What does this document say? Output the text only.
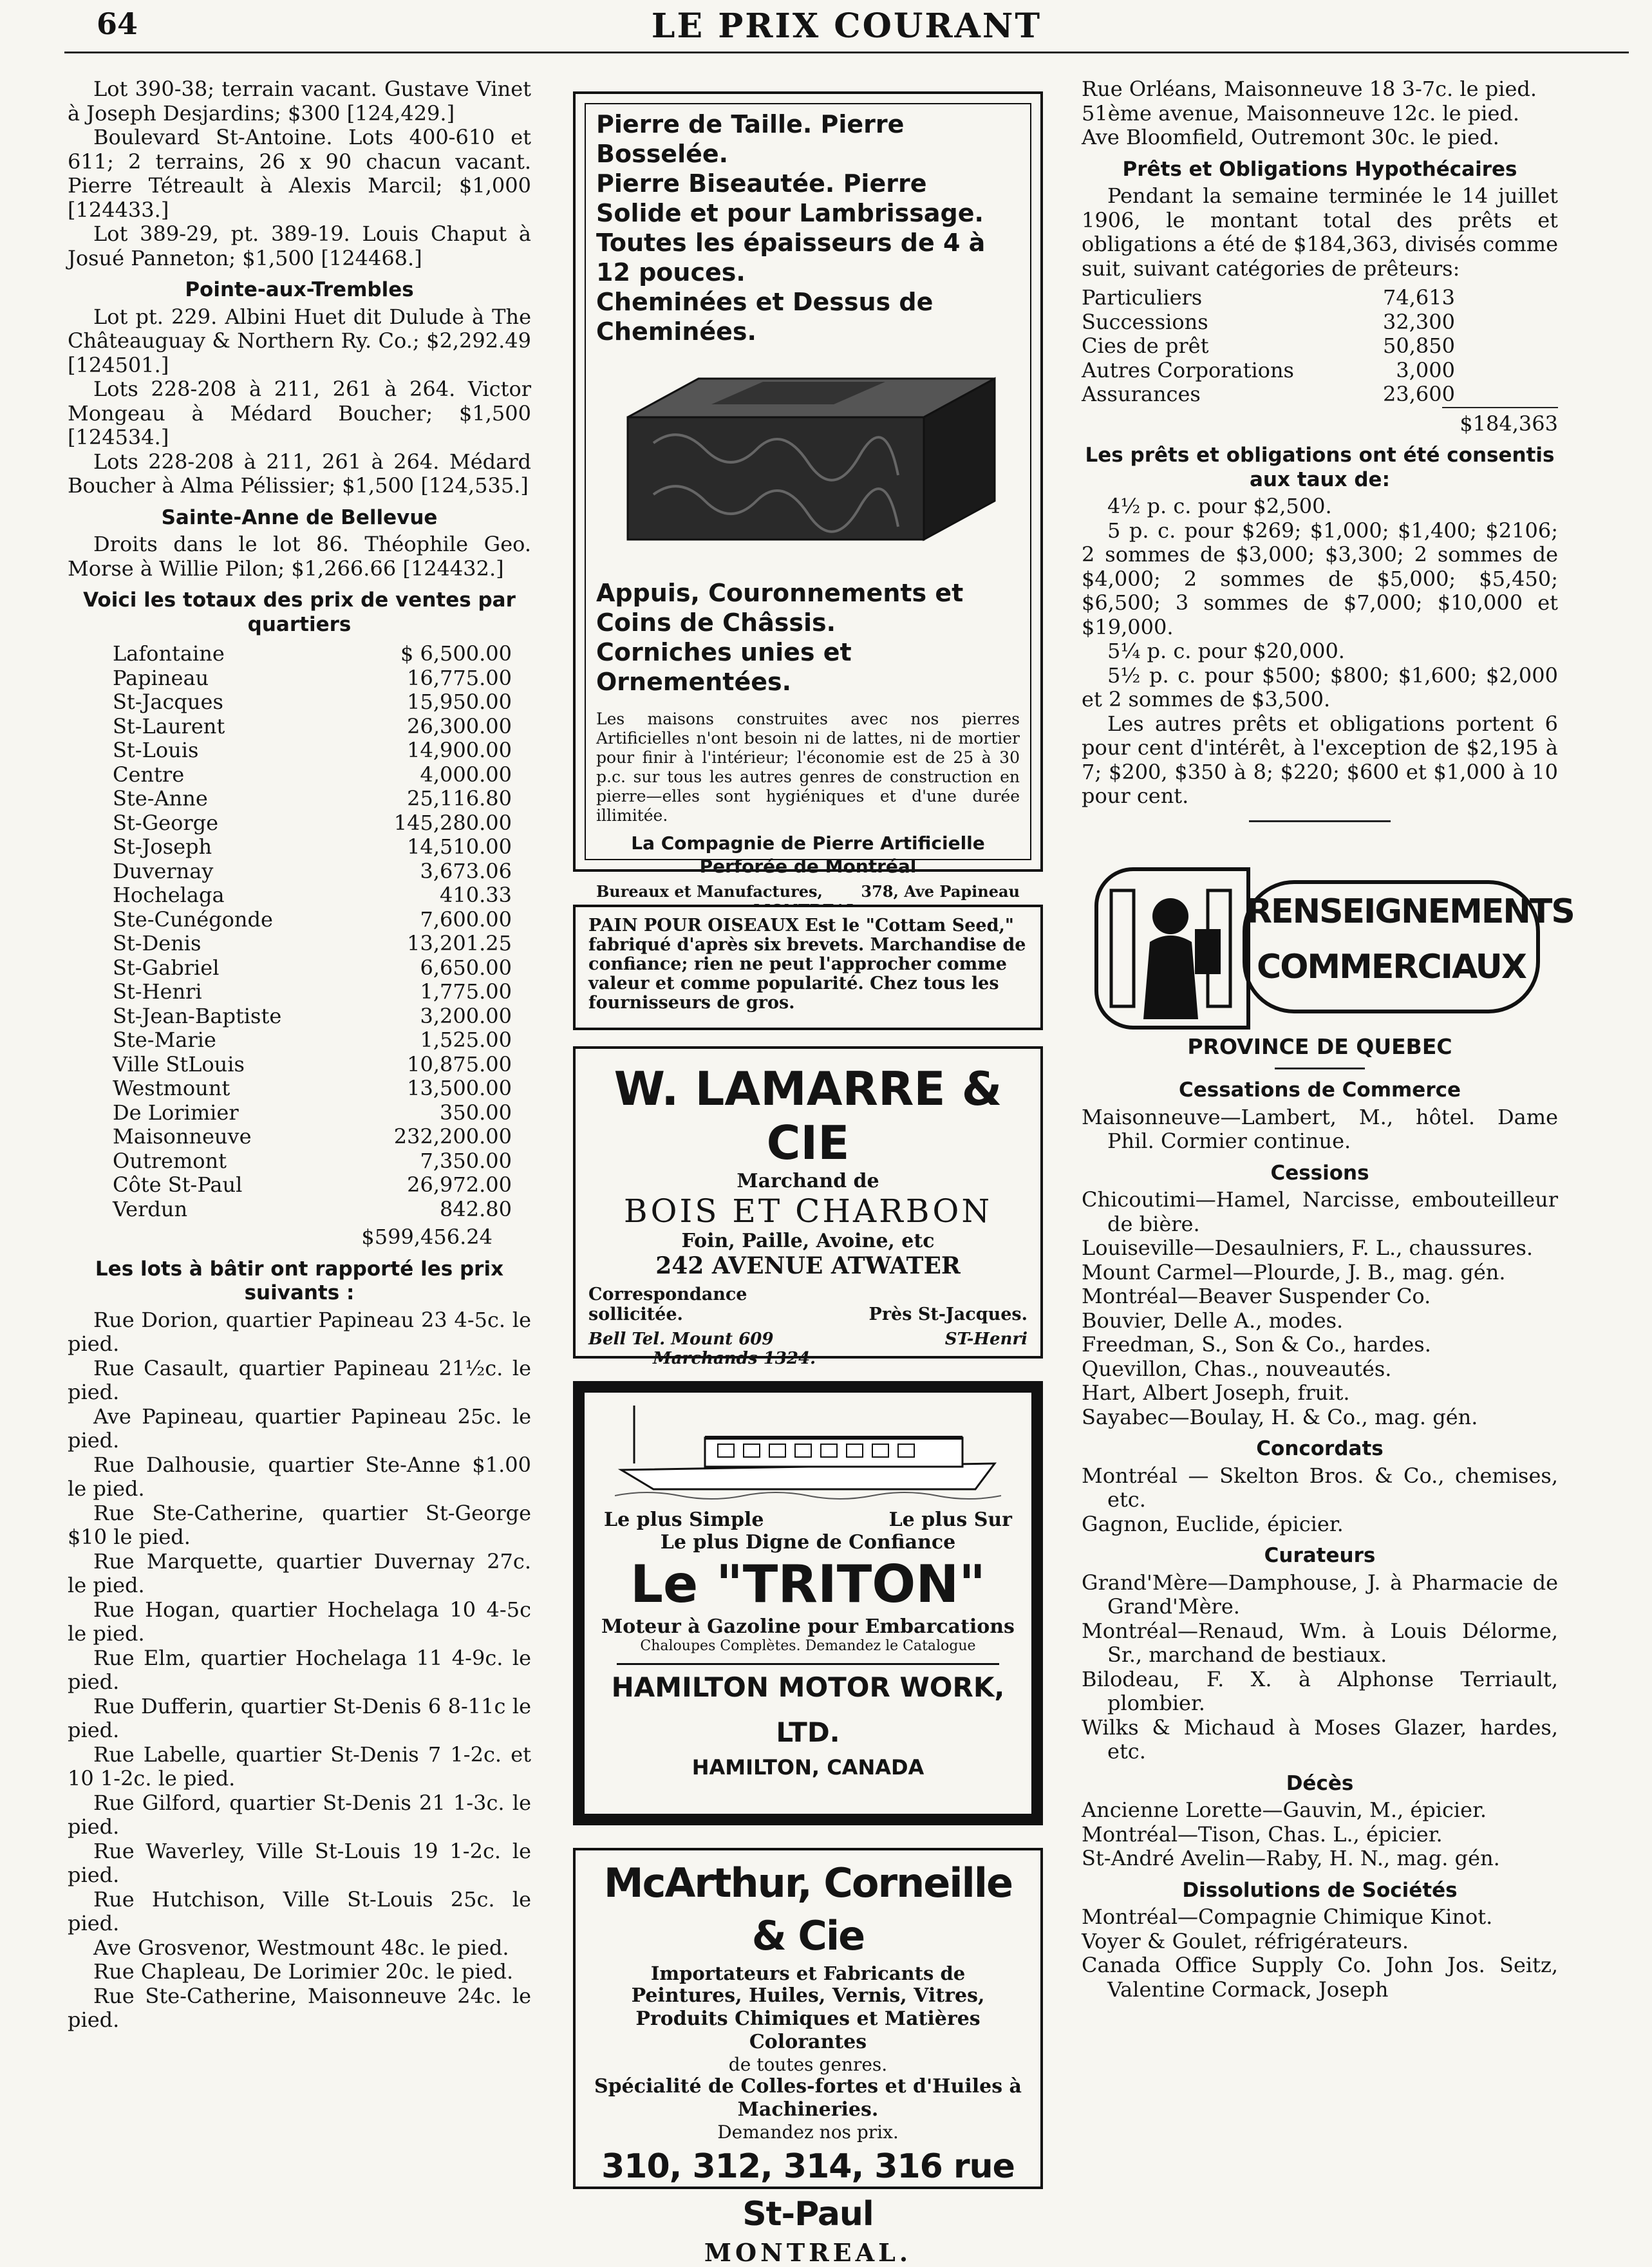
64	LE PRIX COURANT

Lot 390-38; terrain vacant. Gustave Vinet à Joseph Desjardins; $300 [124,429.]

Boulevard St-Antoine. Lots 400-610 et 611; 2 terrains, 26 x 90 chacun vacant. Pierre Tétreault à Alexis Marcil; $1,000 [124433.]

Lot 389-29, pt. 389-19. Louis Chaput à Josué Panneton; $1,500 [124468.]

Pointe-aux-Trembles

Lot pt. 229. Albini Huet dit Dulude à The Châteauguay & Northern Ry. Co.; $2,292.49 [124501.]

Lots 228-208 à 211, 261 à 264. Victor Mongeau à Médard Boucher; $1,500 [124534.]

Lots 228-208 à 211, 261 à 264. Médard Boucher à Alma Pélissier; $1,500 [124,535.]

Sainte-Anne de Bellevue

Droits dans le lot 86. Théophile Geo. Morse à Willie Pilon; $1,266.66 [124432.]

Voici les totaux des prix de ventes par quartiers

Lafontaine	$ 6,500.00
Papineau	16,775.00
St-Jacques	15,950.00
St-Laurent	26,300.00
St-Louis	14,900.00
Centre	4,000.00
Ste-Anne	25,116.80
St-George	145,280.00
St-Joseph	14,510.00
Duvernay	3,673.06
Hochelaga	410.33
Ste-Cunégonde	7,600.00
St-Denis	13,201.25
St-Gabriel	6,650.00
St-Henri	1,775.00
St-Jean-Baptiste	3,200.00
Ste-Marie	1,525.00
Ville StLouis	10,875.00
Westmount	13,500.00
De Lorimier	350.00
Maisonneuve	232,200.00
Outremont	7,350.00
Côte St-Paul	26,972.00
Verdun	842.80

$599,456.24

Les lots à bâtir ont rapporté les prix suivants :

Rue Dorion, quartier Papineau 23 4-5c. le pied.

Rue Casault, quartier Papineau 21½c. le pied.

Ave Papineau, quartier Papineau 25c. le pied.

Rue Dalhousie, quartier Ste-Anne $1.00 le pied.

Rue Ste-Catherine, quartier St-George $10 le pied.

Rue Marquette, quartier Duvernay 27c. le pied.

Rue Hogan, quartier Hochelaga 10 4-5c le pied.

Rue Elm, quartier Hochelaga 11 4-9c. le pied.

Rue Dufferin, quartier St-Denis 6 8-11c le pied.

Rue Labelle, quartier St-Denis 7 1-2c. et 10 1-2c. le pied.

Rue Gilford, quartier St-Denis 21 1-3c. le pied.

Rue Waverley, Ville St-Louis 19 1-2c. le pied.

Rue Hutchison, Ville St-Louis 25c. le pied.

Ave Grosvenor, Westmount 48c. le pied.

Rue Chapleau, De Lorimier 20c. le pied.

Rue Ste-Catherine, Maisonneuve 24c. le pied.

Pierre de Taille. Pierre Bosselée.
Pierre Biseautée. Pierre Solide et pour Lambrissage. Toutes les épaisseurs de 4 à 12 pouces.
Cheminées et Dessus de Cheminées.
Appuis, Couronnements et Coins de Châssis.
Corniches unies et Ornementées.
Les maisons construites avec nos pierres Artificielles n'ont besoin ni de lattes, ni de mortier pour finir à l'intérieur; l'économie est de 25 à 30 p.c. sur tous les autres genres de construction en pierre—elles sont hygiéniques et d'une durée illimitée.
La Compagnie de Pierre Artificielle Perforée de Montréal
Bureaux et Manufactures, 378, Ave Papineau
PAIN POUR OISEAUX Est le "Cottam Seed," fabriqué d'après six brevets. Marchandise de confiance; rien ne peut l'approcher comme valeur et comme popularité. Chez tous les fournisseurs de gros.
W. LAMARRE & CIE
Marchand de
BOIS ET CHARBON
Foin, Paille, Avoine, etc
242 AVENUE ATWATER
Correspondance sollicitée.	Près St-Jacques.
Bell Tel. Mount 609	ST-Henri
Marchands 1324.
Le plus Simple	Le plus Sur
Le plus Digne de Confiance
Le "TRITON"
Moteur à Gazoline pour Embarcations
Chaloupes Complètes. Demandez le Catalogue
HAMILTON MOTOR WORK, LTD.
HAMILTON, CANADA
McArthur, Corneille & Cie
Importateurs et Fabricants de
Peintures, Huiles, Vernis, Vitres, Produits Chimiques et Matières Colorantes
de toutes genres.
Spécialité de Colles-fortes et d'Huiles à Machineries.
Demandez nos prix.
310, 312, 314, 316 rue St-Paul
MONTREAL.

Rue Orléans, Maisonneuve 18 3-7c. le pied.

51ème avenue, Maisonneuve 12c. le pied.

Ave Bloomfield, Outremont 30c. le pied.

Prêts et Obligations Hypothécaires

Pendant la semaine terminée le 14 juillet 1906, le montant total des prêts et obligations a été de $184,363, divisés comme suit, suivant catégories de prêteurs:

Particuliers	74,613
Successions	32,300
Cies de prêt	50,850
Autres Corporations	3,000
Assurances	23,600

$184,363

Les prêts et obligations ont été consentis aux taux de:

4½ p. c. pour $2,500.

5 p. c. pour $269; $1,000; $1,400; $2106; 2 sommes de $3,000; $3,300; 2 sommes de $4,000; 2 sommes de $5,000; $5,450; $6,500; 3 sommes de $7,000; $10,000 et $19,000.

5¼ p. c. pour $20,000.

5½ p. c. pour $500; $800; $1,600; $2,000 et 2 sommes de $3,500.

Les autres prêts et obligations portent 6 pour cent d'intérêt, à l'exception de $2,195 à 7; $200, $350 à 8; $220; $600 et $1,000 à 10 pour cent.

RENSEIGNEMENTS
COMMERCIAUX

PROVINCE DE QUEBEC

Cessations de Commerce

Maisonneuve—Lambert, M., hôtel. Dame Phil. Cormier continue.

Cessions

Chicoutimi—Hamel, Narcisse, embouteilleur de bière.

Louiseville—Desaulniers, F. L., chaussures.

Mount Carmel—Plourde, J. B., mag. gén.

Montréal—Beaver Suspender Co.

Bouvier, Delle A., modes.

Freedman, S., Son & Co., hardes.

Quevillon, Chas., nouveautés.

Hart, Albert Joseph, fruit.

Sayabec—Boulay, H. & Co., mag. gén.

Concordats

Montréal — Skelton Bros. & Co., chemises, etc.

Gagnon, Euclide, épicier.

Curateurs

Grand'Mère—Damphouse, J. à Pharmacie de Grand'Mère.

Montréal—Renaud, Wm. à Louis Délorme, Sr., marchand de bestiaux.

Bilodeau, F. X. à Alphonse Terriault, plombier.

Wilks & Michaud à Moses Glazer, hardes, etc.

Décès

Ancienne Lorette—Gauvin, M., épicier.

Montréal—Tison, Chas. L., épicier.

St-André Avelin—Raby, H. N., mag. gén.

Dissolutions de Sociétés

Montréal—Compagnie Chimique Kinot.

Voyer & Goulet, réfrigérateurs.

Canada Office Supply Co. John Jos. Seitz, Valentine Cormack, Joseph
